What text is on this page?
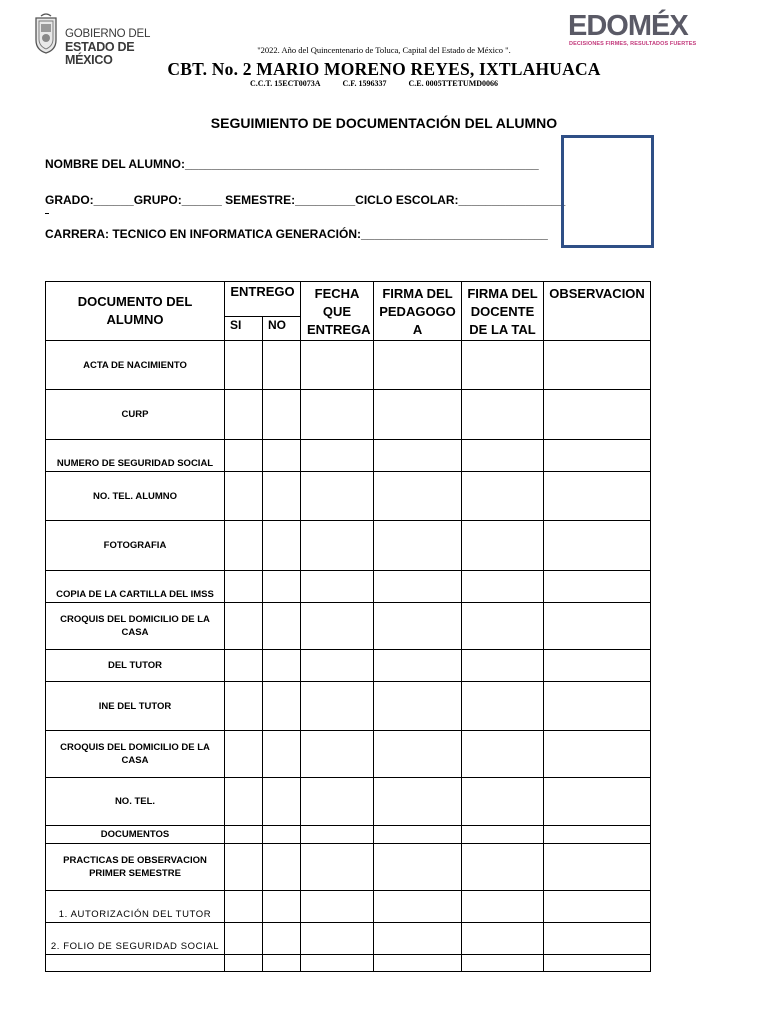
GOBIERNO DEL
ESTADO DE MÉXICO
EDOMÉX
DECISIONES FIRMES, RESULTADOS FUERTES
"2022. Año del Quincentenario de Toluca, Capital del Estado de México ".
CBT. No. 2 MARIO MORENO REYES, IXTLAHUACA
C.C.T. 15ECT0073A	C.F. 1596337	C.E. 0005TTETUMD0066
SEGUIMIENTO DE DOCUMENTACIÓN DEL ALUMNO
NOMBRE DEL ALUMNO:_____________________________________________________
GRADO:______GRUPO:______ SEMESTRE:_________CICLO ESCOLAR:________________
CARRERA: TECNICO EN INFORMATICA GENERACIÓN:____________________________
DOCUMENTO DEL ALUMNO	ENTREGO		FECHA QUE ENTREGA	FIRMA DEL PEDAGOGO A	FIRMA DEL DOCENTE DE LA TAL	OBSERVACION
	SI	NO				
ACTA DE NACIMIENTO						
CURP						
NUMERO DE SEGURIDAD SOCIAL						
NO. TEL. ALUMNO						
FOTOGRAFIA						
COPIA DE LA CARTILLA DEL IMSS						
CROQUIS DEL DOMICILIO DE LA CASA						
DEL TUTOR						
INE DEL TUTOR						
CROQUIS DEL DOMICILIO DE LA CASA						
NO. TEL.						
DOCUMENTOS						
PRACTICAS DE OBSERVACION PRIMER SEMESTRE						
1. AUTORIZACIÓN DEL TUTOR						
2. FOLIO DE SEGURIDAD SOCIAL						
